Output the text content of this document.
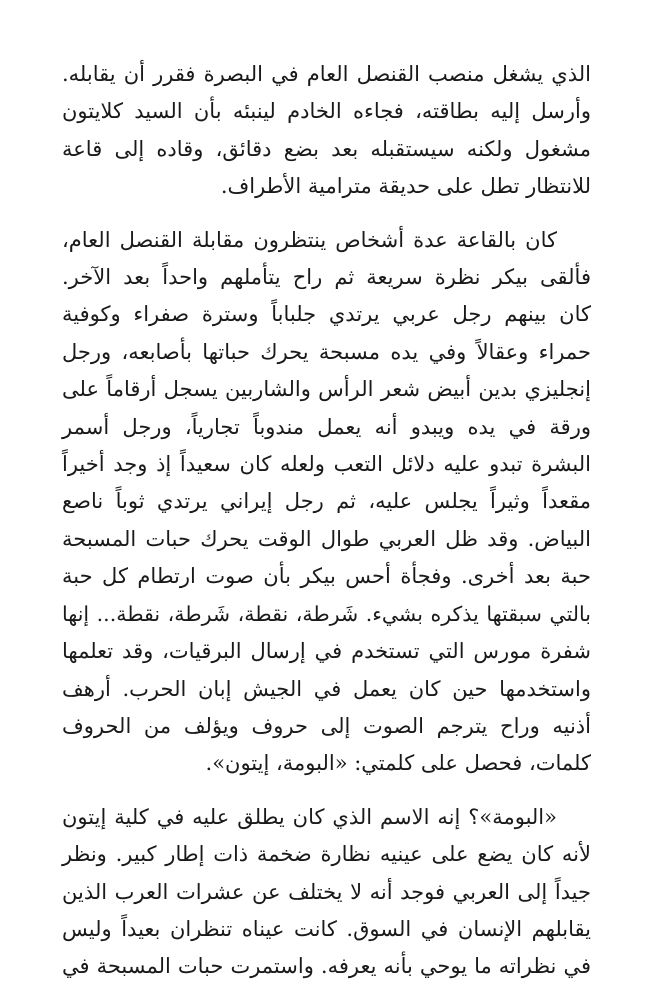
الذي يشغل منصب القنصل العام في البصرة فقرر أن يقابله.
وأرسل إليه بطاقته، فجاءه الخادم لينبئه بأن السيد كلايتون
مشغول ولكنه سيستقبله بعد بضع دقائق، وقاده إلى قاعة
للانتظار تطل على حديقة مترامية الأطراف.

كان بالقاعة عدة أشخاص ينتظرون مقابلة القنصل العام،
فألقى بيكر نظرة سريعة ثم راح يتأملهم واحداً بعد الآخر.
كان بينهم رجل عربي يرتدي جلباباً وسترة صفراء وكوفية
حمراء وعقالاً وفي يده مسبحة يحرك حباتها بأصابعه، ورجل
إنجليزي بدين أبيض شعر الرأس والشاربين يسجل أرقاماً على
ورقة في يده ويبدو أنه يعمل مندوباً تجارياً، ورجل أسمر
البشرة تبدو عليه دلائل التعب ولعله كان سعيداً إذ وجد أخيراً
مقعداً وثيراً يجلس عليه، ثم رجل إيراني يرتدي ثوباً ناصع
البياض. وقد ظل العربي طوال الوقت يحرك حبات المسبحة
حبة بعد أخرى. وفجأة أحس بيكر بأن صوت ارتطام كل حبة
بالتي سبقتها يذكره بشيء. شَرطة، نقطة، شَرطة، نقطة... إنها
شفرة مورس التي تستخدم في إرسال البرقيات، وقد تعلمها
واستخدمها حين كان يعمل في الجيش إبان الحرب. أرهف
أذنيه وراح يترجم الصوت إلى حروف ويؤلف من الحروف
كلمات، فحصل على كلمتي: «البومة، إيتون».

«البومة»؟ إنه الاسم الذي كان يطلق عليه في كلية إيتون
لأنه كان يضع على عينيه نظارة ضخمة ذات إطار كبير. ونظر
جيداً إلى العربي فوجد أنه لا يختلف عن عشرات العرب الذين
يقابلهم الإنسان في السوق. كانت عيناه تنظران بعيداً وليس
في نظراته ما يوحي بأنه يعرفه. واستمرت حبات المسبحة في
